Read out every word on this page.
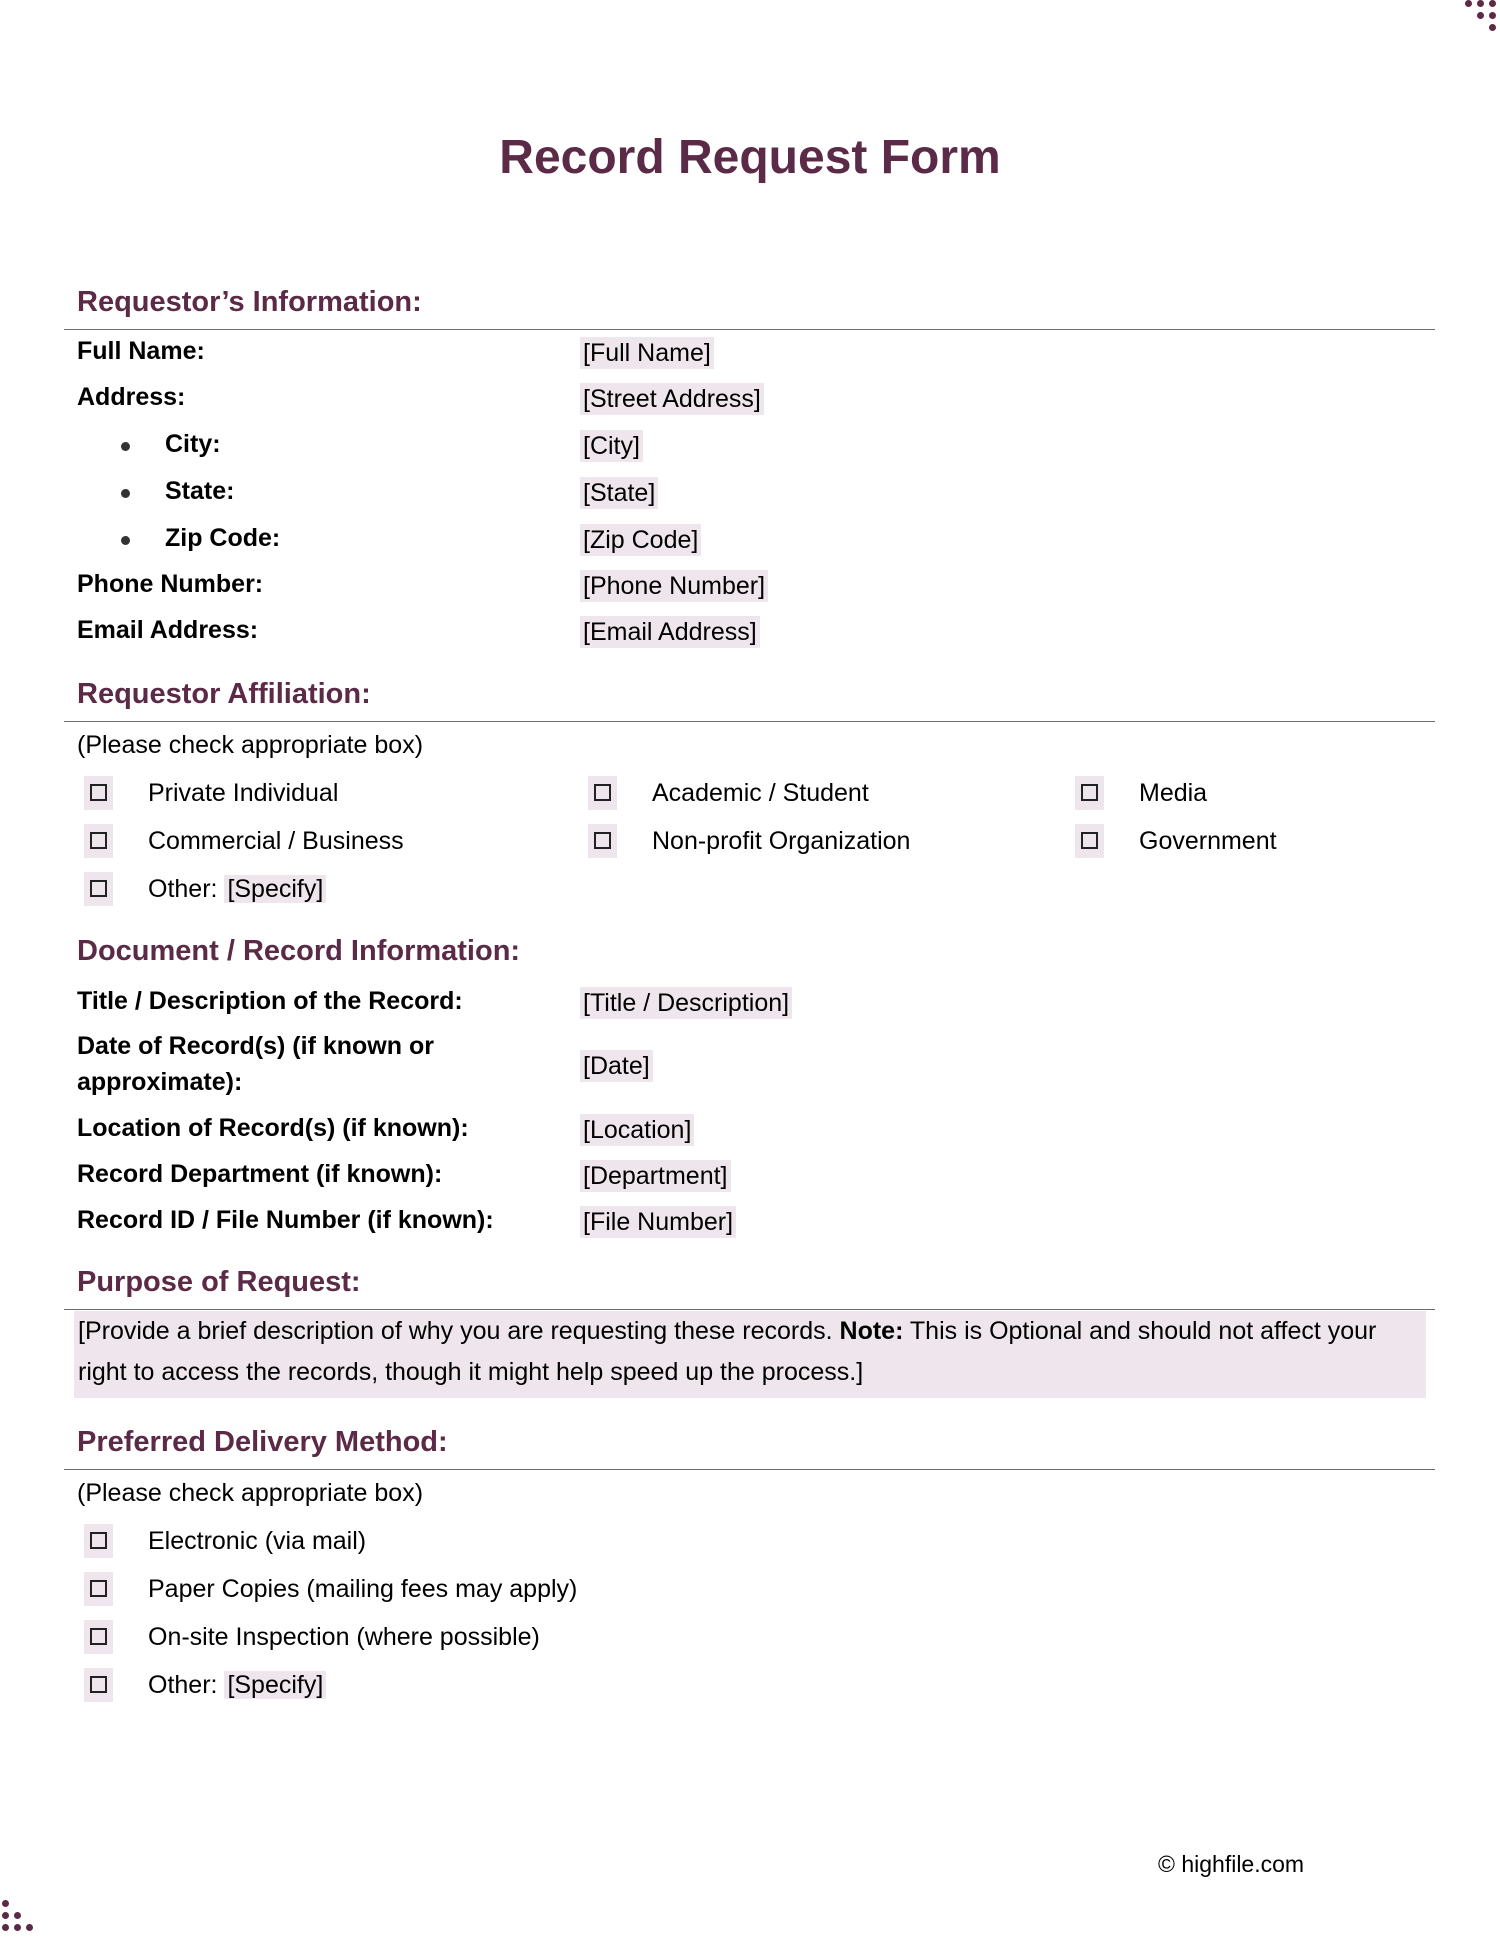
Record Request Form
Requestor’s Information:
Full Name:	[Full Name]
Address:	[Street Address]
City:	[City]
State:	[State]
Zip Code:	[Zip Code]
Phone Number:	[Phone Number]
Email Address:	[Email Address]
Requestor Affiliation:
(Please check appropriate box)
Private Individual	Academic / Student	Media
Commercial / Business	Non-profit Organization	Government
Other: [Specify]
Document / Record Information:
Title / Description of the Record:	[Title / Description]
Date of Record(s) (if known or
approximate):
[Date]
Location of Record(s) (if known):	[Location]
Record Department (if known):	[Department]
Record ID / File Number (if known):	[File Number]
Purpose of Request:
[Provide a brief description of why you are requesting these records. Note: This is Optional and should not affect your right to access the records, though it might help speed up the process.]
Preferred Delivery Method:
(Please check appropriate box)
Electronic (via mail)
Paper Copies (mailing fees may apply)
On-site Inspection (where possible)
Other: [Specify]
© highfile.com
